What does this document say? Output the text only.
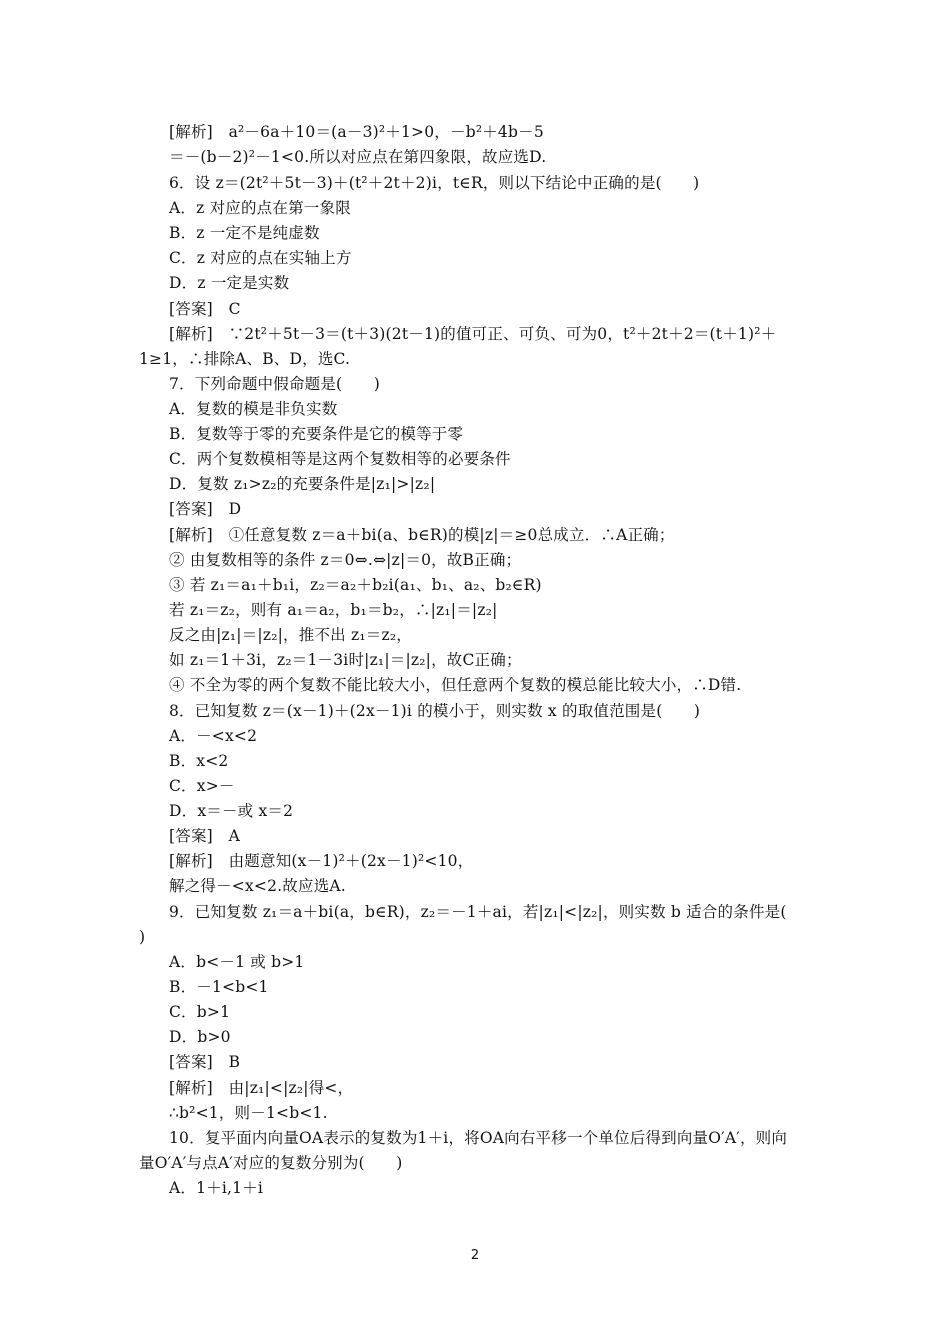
[解析]　a²－6a＋10＝(a－3)²＋1>0，－b²＋4b－5
＝－(b－2)²－1<0.所以对应点在第四象限，故应选D.
6．设 z＝(2t²＋5t－3)＋(t²＋2t＋2)i，t∈R，则以下结论中正确的是(　　)
A．z 对应的点在第一象限
B．z 一定不是纯虚数
C．z 对应的点在实轴上方
D．z 一定是实数
[答案]　C
[解析]　∵2t²＋5t－3＝(t＋3)(2t－1)的值可正、可负、可为0，t²＋2t＋2＝(t＋1)²＋
1≥1，∴排除A、B、D，选C.
7．下列命题中假命题是(　　)
A．复数的模是非负实数
B．复数等于零的充要条件是它的模等于零
C．两个复数模相等是这两个复数相等的必要条件
D．复数 z₁>z₂的充要条件是|z₁|>|z₂|
[答案]　D
[解析]　①任意复数 z＝a＋bi(a、b∈R)的模|z|＝≥0总成立．∴A正确；
② 由复数相等的条件 z＝0⇔.⇔|z|＝0，故B正确；
③ 若 z₁＝a₁＋b₁i，z₂＝a₂＋b₂i(a₁、b₁、a₂、b₂∈R)
若 z₁＝z₂，则有 a₁＝a₂，b₁＝b₂，∴|z₁|＝|z₂|
反之由|z₁|＝|z₂|，推不出 z₁＝z₂，
如 z₁＝1＋3i，z₂＝1－3i时|z₁|＝|z₂|，故C正确；
④ 不全为零的两个复数不能比较大小，但任意两个复数的模总能比较大小，∴D错.
8．已知复数 z＝(x－1)＋(2x－1)i 的模小于，则实数 x 的取值范围是(　　)
A．－<x<2
B．x<2
C．x>－
D．x＝－或 x＝2
[答案]　A
[解析]　由题意知(x－1)²＋(2x－1)²<10，
解之得－<x<2.故应选A.
9．已知复数 z₁＝a＋bi(a，b∈R)，z₂＝－1＋ai，若|z₁|<|z₂|，则实数 b 适合的条件是(
)
A．b<－1 或 b>1
B．－1<b<1
C．b>1
D．b>0
[答案]　B
[解析]　由|z₁|<|z₂|得<，
∴b²<1，则－1<b<1.
10．复平面内向量OA表示的复数为1＋i，将OA向右平移一个单位后得到向量O′A′，则向
量O′A′与点A′对应的复数分别为(　　)
A．1＋i,1＋i
2
